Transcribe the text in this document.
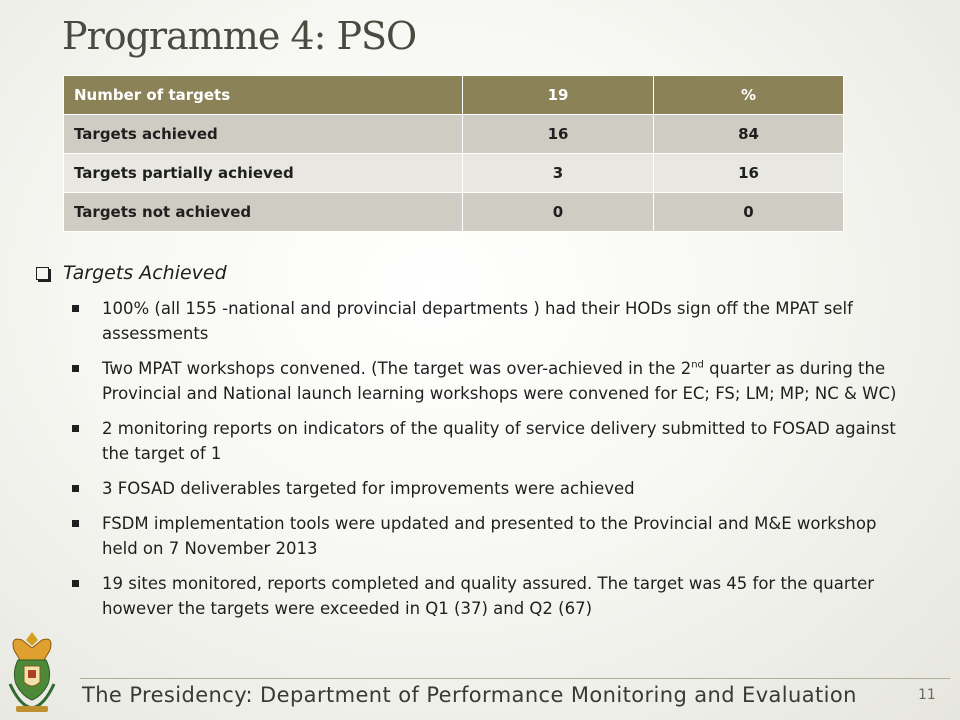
Programme 4: PSO
Number of targets	19	%
Targets achieved	16	84
Targets partially achieved	3	16
Targets not achieved	0	0
Targets Achieved
100% (all 155 -national and provincial departments ) had their HODs sign off the MPAT self assessments
Two MPAT workshops convened. (The target was over-achieved in the 2nd quarter as during the Provincial and National launch learning workshops were convened for EC; FS; LM; MP; NC & WC)
2 monitoring reports on indicators of the quality of service delivery submitted to FOSAD against the target of 1
3 FOSAD deliverables targeted for improvements were achieved
FSDM implementation tools were updated and presented to the Provincial and M&E workshop held on 7 November 2013
19 sites monitored, reports completed and quality assured. The target was 45 for the quarter however the targets were exceeded in Q1 (37) and Q2 (67)
The Presidency: Department of Performance Monitoring and Evaluation	11
